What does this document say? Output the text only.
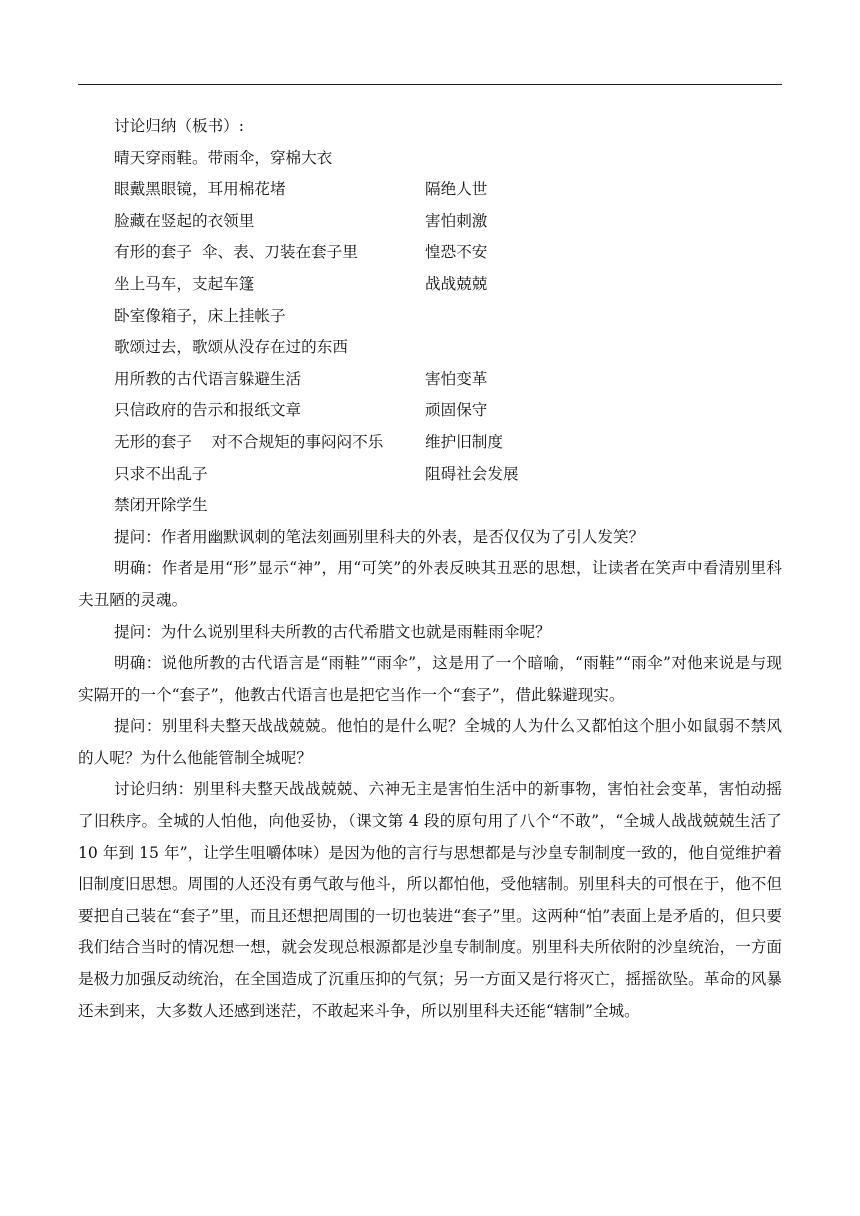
讨论归纳（板书）:
晴天穿雨鞋。带雨伞，穿棉大衣
眼戴黑眼镜，耳用棉花堵	隔绝人世
脸藏在竖起的衣领里	害怕刺激
有形的套子  伞、表、刀装在套子里	惶恐不安
坐上马车，支起车篷	战战兢兢
卧室像箱子，床上挂帐子
歌颂过去，歌颂从没存在过的东西
用所教的古代语言躲避生活	害怕变革
只信政府的告示和报纸文章	顽固保守
无形的套子    对不合规矩的事闷闷不乐	维护旧制度
只求不出乱子	阻碍社会发展
禁闭开除学生

提问：作者用幽默讽刺的笔法刻画别里科夫的外表，是否仅仅为了引人发笑？

明确：作者是用“形”显示“神”，用“可笑”的外表反映其丑恶的思想，让读者在笑声中看清别里科夫丑陋的灵魂。

提问：为什么说别里科夫所教的古代希腊文也就是雨鞋雨伞呢？

明确：说他所教的古代语言是“雨鞋”“雨伞”，这是用了一个暗喻，“雨鞋”“雨伞”对他来说是与现实隔开的一个“套子”，他教古代语言也是把它当作一个“套子”，借此躲避现实。

提问：别里科夫整天战战兢兢。他怕的是什么呢？全城的人为什么又都怕这个胆小如鼠弱不禁风的人呢？为什么他能管制全城呢？

讨论归纳：别里科夫整天战战兢兢、六神无主是害怕生活中的新事物，害怕社会变革，害怕动摇了旧秩序。全城的人怕他，向他妥协，（课文第 4 段的原句用了八个“不敢”，“全城人战战兢兢生活了 10 年到 15 年”，让学生咀嚼体味）是因为他的言行与思想都是与沙皇专制制度一致的，他自觉维护着旧制度旧思想。周围的人还没有勇气敢与他斗，所以都怕他，受他辖制。别里科夫的可恨在于，他不但要把自己装在“套子”里，而且还想把周围的一切也装进“套子”里。这两种“怕”表面上是矛盾的，但只要我们结合当时的情况想一想，就会发现总根源都是沙皇专制制度。别里科夫所依附的沙皇统治，一方面是极力加强反动统治，在全国造成了沉重压抑的气氛；另一方面又是行将灭亡，摇摇欲坠。革命的风暴还未到来，大多数人还感到迷茫，不敢起来斗争，所以别里科夫还能“辖制”全城。
